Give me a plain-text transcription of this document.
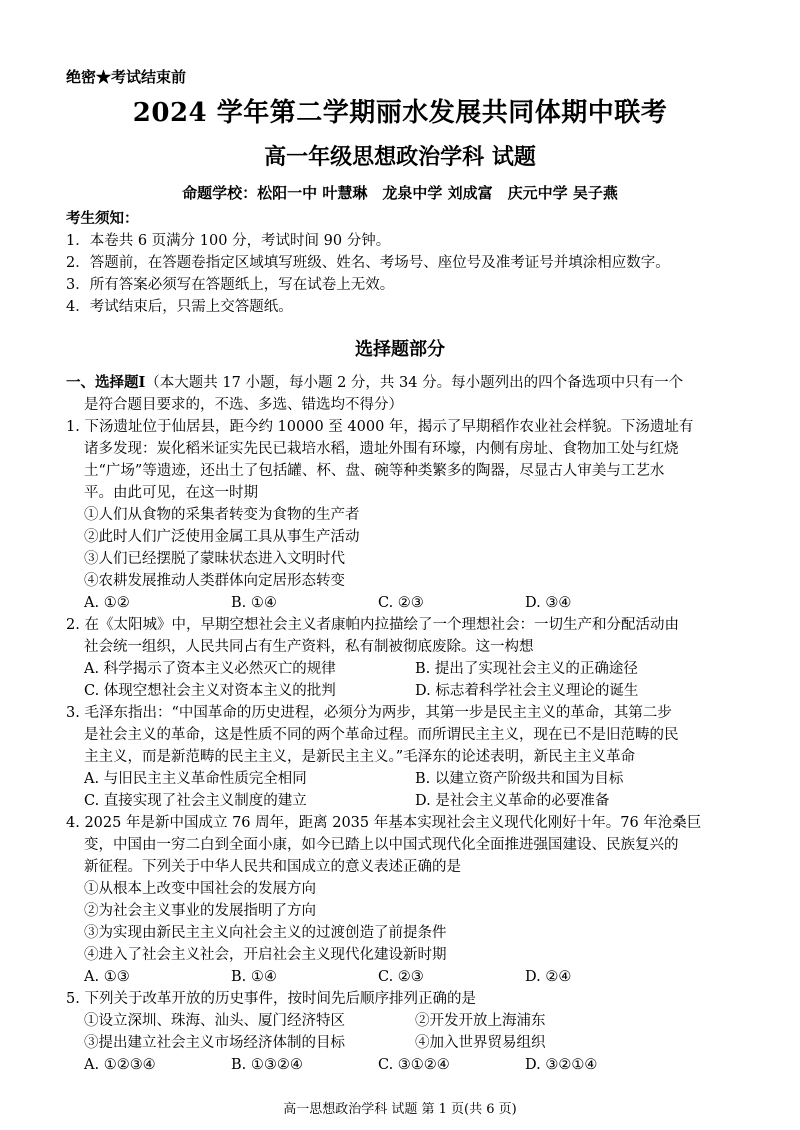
绝密★考试结束前
2024 学年第二学期丽水发展共同体期中联考
高一年级思想政治学科 试题
命题学校：松阳一中 叶慧琳　龙泉中学 刘成富　庆元中学 吴子燕
考生须知：
1．本卷共 6 页满分 100 分，考试时间 90 分钟。
2．答题前，在答题卷指定区域填写班级、姓名、考场号、座位号及准考证号并填涂相应数字。
3．所有答案必须写在答题纸上，写在试卷上无效。
4．考试结束后，只需上交答题纸。
选择题部分
一、选择题Ⅰ（本大题共 17 小题，每小题 2 分，共 34 分。每小题列出的四个备选项中只有一个
是符合题目要求的，不选、多选、错选均不得分）
1. 下汤遗址位于仙居县，距今约 10000 至 4000 年，揭示了早期稻作农业社会样貌。下汤遗址有
诸多发现：炭化稻米证实先民已栽培水稻，遗址外围有环壕，内侧有房址、食物加工处与红烧
土“广场”等遗迹，还出土了包括罐、杯、盘、碗等种类繁多的陶器，尽显古人审美与工艺水
平。由此可见，在这一时期
①人们从食物的采集者转变为食物的生产者
②此时人们广泛使用金属工具从事生产活动
③人们已经摆脱了蒙昧状态进入文明时代
④农耕发展推动人类群体向定居形态转变
A. ①②	B. ①④	C. ②③	D. ③④
2. 在《太阳城》中，早期空想社会主义者康帕内拉描绘了一个理想社会：一切生产和分配活动由
社会统一组织，人民共同占有生产资料，私有制被彻底废除。这一构想
A. 科学揭示了资本主义必然灭亡的规律	B. 提出了实现社会主义的正确途径
C. 体现空想社会主义对资本主义的批判	D. 标志着科学社会主义理论的诞生
3. 毛泽东指出：“中国革命的历史进程，必须分为两步，其第一步是民主主义的革命，其第二步
是社会主义的革命，这是性质不同的两个革命过程。而所谓民主主义，现在已不是旧范畴的民
主主义，而是新范畴的民主主义，是新民主主义。”毛泽东的论述表明，新民主主义革命
A. 与旧民主主义革命性质完全相同	B. 以建立资产阶级共和国为目标
C. 直接实现了社会主义制度的建立	D. 是社会主义革命的必要准备
4. 2025 年是新中国成立 76 周年，距离 2035 年基本实现社会主义现代化刚好十年。76 年沧桑巨
变，中国由一穷二白到全面小康，如今已踏上以中国式现代化全面推进强国建设、民族复兴的
新征程。下列关于中华人民共和国成立的意义表述正确的是
①从根本上改变中国社会的发展方向
②为社会主义事业的发展指明了方向
③为实现由新民主主义向社会主义的过渡创造了前提条件
④进入了社会主义社会，开启社会主义现代化建设新时期
A. ①③	B. ①④	C. ②③	D. ②④
5. 下列关于改革开放的历史事件，按时间先后顺序排列正确的是
①设立深圳、珠海、汕头、厦门经济特区	②开发开放上海浦东
③提出建立社会主义市场经济体制的目标	④加入世界贸易组织
A. ①②③④	B. ①③②④	C. ③①②④	D. ③②①④
高一思想政治学科 试题 第 1 页(共 6 页)
